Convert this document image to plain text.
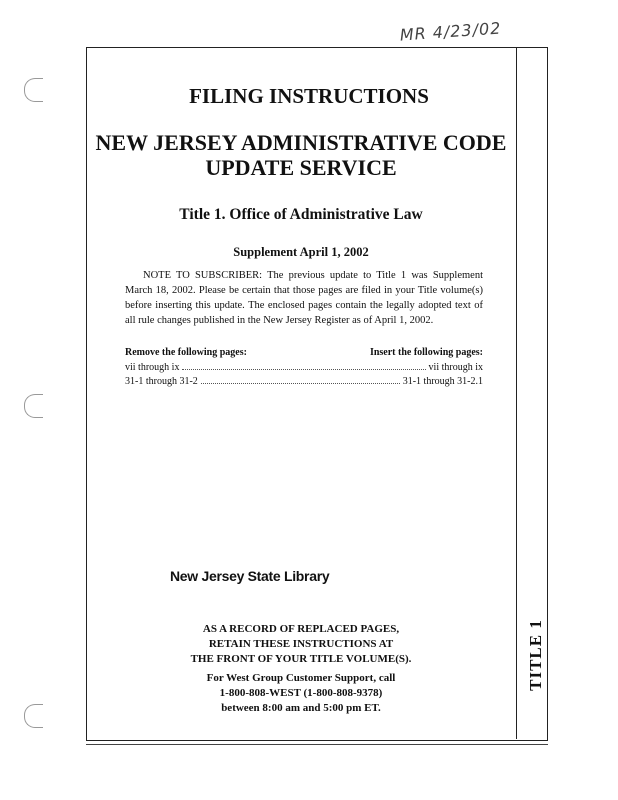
MR 4/23/02
FILING INSTRUCTIONS
NEW JERSEY ADMINISTRATIVE CODE
UPDATE SERVICE
Title 1. Office of Administrative Law
Supplement April 1, 2002
NOTE TO SUBSCRIBER: The previous update to Title 1 was Supplement March 18, 2002. Please be certain that those pages are filed in your Title volume(s) before inserting this update. The enclosed pages contain the legally adopted text of all rule changes published in the New Jersey Register as of April 1, 2002.
Remove the following pages:	Insert the following pages:
vii through ix	vii through ix
31-1 through 31-2	31-1 through 31-2.1
New Jersey State Library
AS A RECORD OF REPLACED PAGES,
RETAIN THESE INSTRUCTIONS AT
THE FRONT OF YOUR TITLE VOLUME(S).
For West Group Customer Support, call
1-800-808-WEST (1-800-808-9378)
between 8:00 am and 5:00 pm ET.
TITLE 1
